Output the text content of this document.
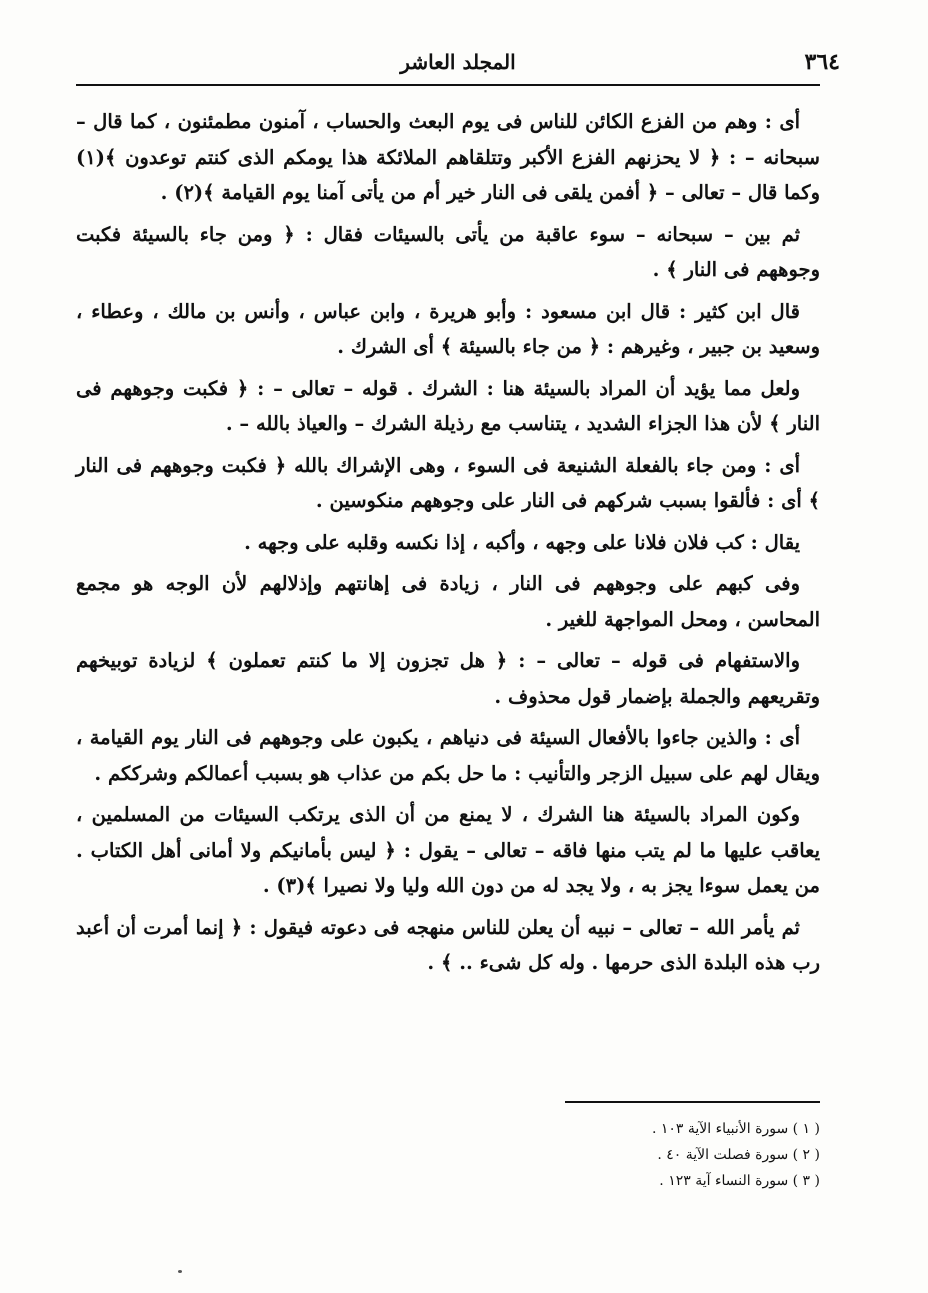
٣٦٤
المجلد العاشر

أى : وهم من الفزع الكائن للناس فى يوم البعث والحساب ، آمنون مطمئنون ، كما قال – سبحانه – : ﴿ لا يحزنهم الفزع الأكبر وتتلقاهم الملائكة هذا يومكم الذى كنتم توعدون ﴾(١) وكما قال – تعالى – ﴿ أفمن يلقى فى النار خير أم من يأتى آمنا يوم القيامة ﴾(٢) .

ثم بين – سبحانه – سوء عاقبة من يأتى بالسيئات فقال : ﴿ ومن جاء بالسيئة فكبت وجوههم فى النار ﴾ .

قال ابن كثير : قال ابن مسعود : وأبو هريرة ، وابن عباس ، وأنس بن مالك ، وعطاء ، وسعيد بن جبير ، وغيرهم : ﴿ من جاء بالسيئة ﴾ أى الشرك .

ولعل مما يؤيد أن المراد بالسيئة هنا : الشرك . قوله – تعالى – : ﴿ فكبت وجوههم فى النار ﴾ لأن هذا الجزاء الشديد ، يتناسب مع رذيلة الشرك – والعياذ بالله – .

أى : ومن جاء بالفعلة الشنيعة فى السوء ، وهى الإشراك بالله ﴿ فكبت وجوههم فى النار ﴾ أى : فألقوا بسبب شركهم فى النار على وجوههم منكوسين .

يقال : كب فلان فلانا على وجهه ، وأكبه ، إذا نكسه وقلبه على وجهه .

وفى كبهم على وجوههم فى النار ، زيادة فى إهانتهم وإذلالهم لأن الوجه هو مجمع المحاسن ، ومحل المواجهة للغير .

والاستفهام فى قوله – تعالى – : ﴿ هل تجزون إلا ما كنتم تعملون ﴾ لزيادة توبيخهم وتقريعهم والجملة بإضمار قول محذوف .

أى : والذين جاءوا بالأفعال السيئة فى دنياهم ، يكبون على وجوههم فى النار يوم القيامة ، ويقال لهم على سبيل الزجر والتأنيب : ما حل بكم من عذاب هو بسبب أعمالكم وشرككم .

وكون المراد بالسيئة هنا الشرك ، لا يمنع من أن الذى يرتكب السيئات من المسلمين ، يعاقب عليها ما لم يتب منها فاقه – تعالى – يقول : ﴿ ليس بأمانيكم ولا أمانى أهل الكتاب . من يعمل سوءا يجز به ، ولا يجد له من دون الله وليا ولا نصيرا ﴾(٣) .

ثم يأمر الله – تعالى – نبيه أن يعلن للناس منهجه فى دعوته فيقول : ﴿ إنما أمرت أن أعبد رب هذه البلدة الذى حرمها . وله كل شىء .. ﴾ .

( ١ ) سورة الأنبياء الآية ١٠٣ .
( ٢ ) سورة فصلت الآية ٤٠ .
( ٣ ) سورة النساء آية ١٢٣ .
